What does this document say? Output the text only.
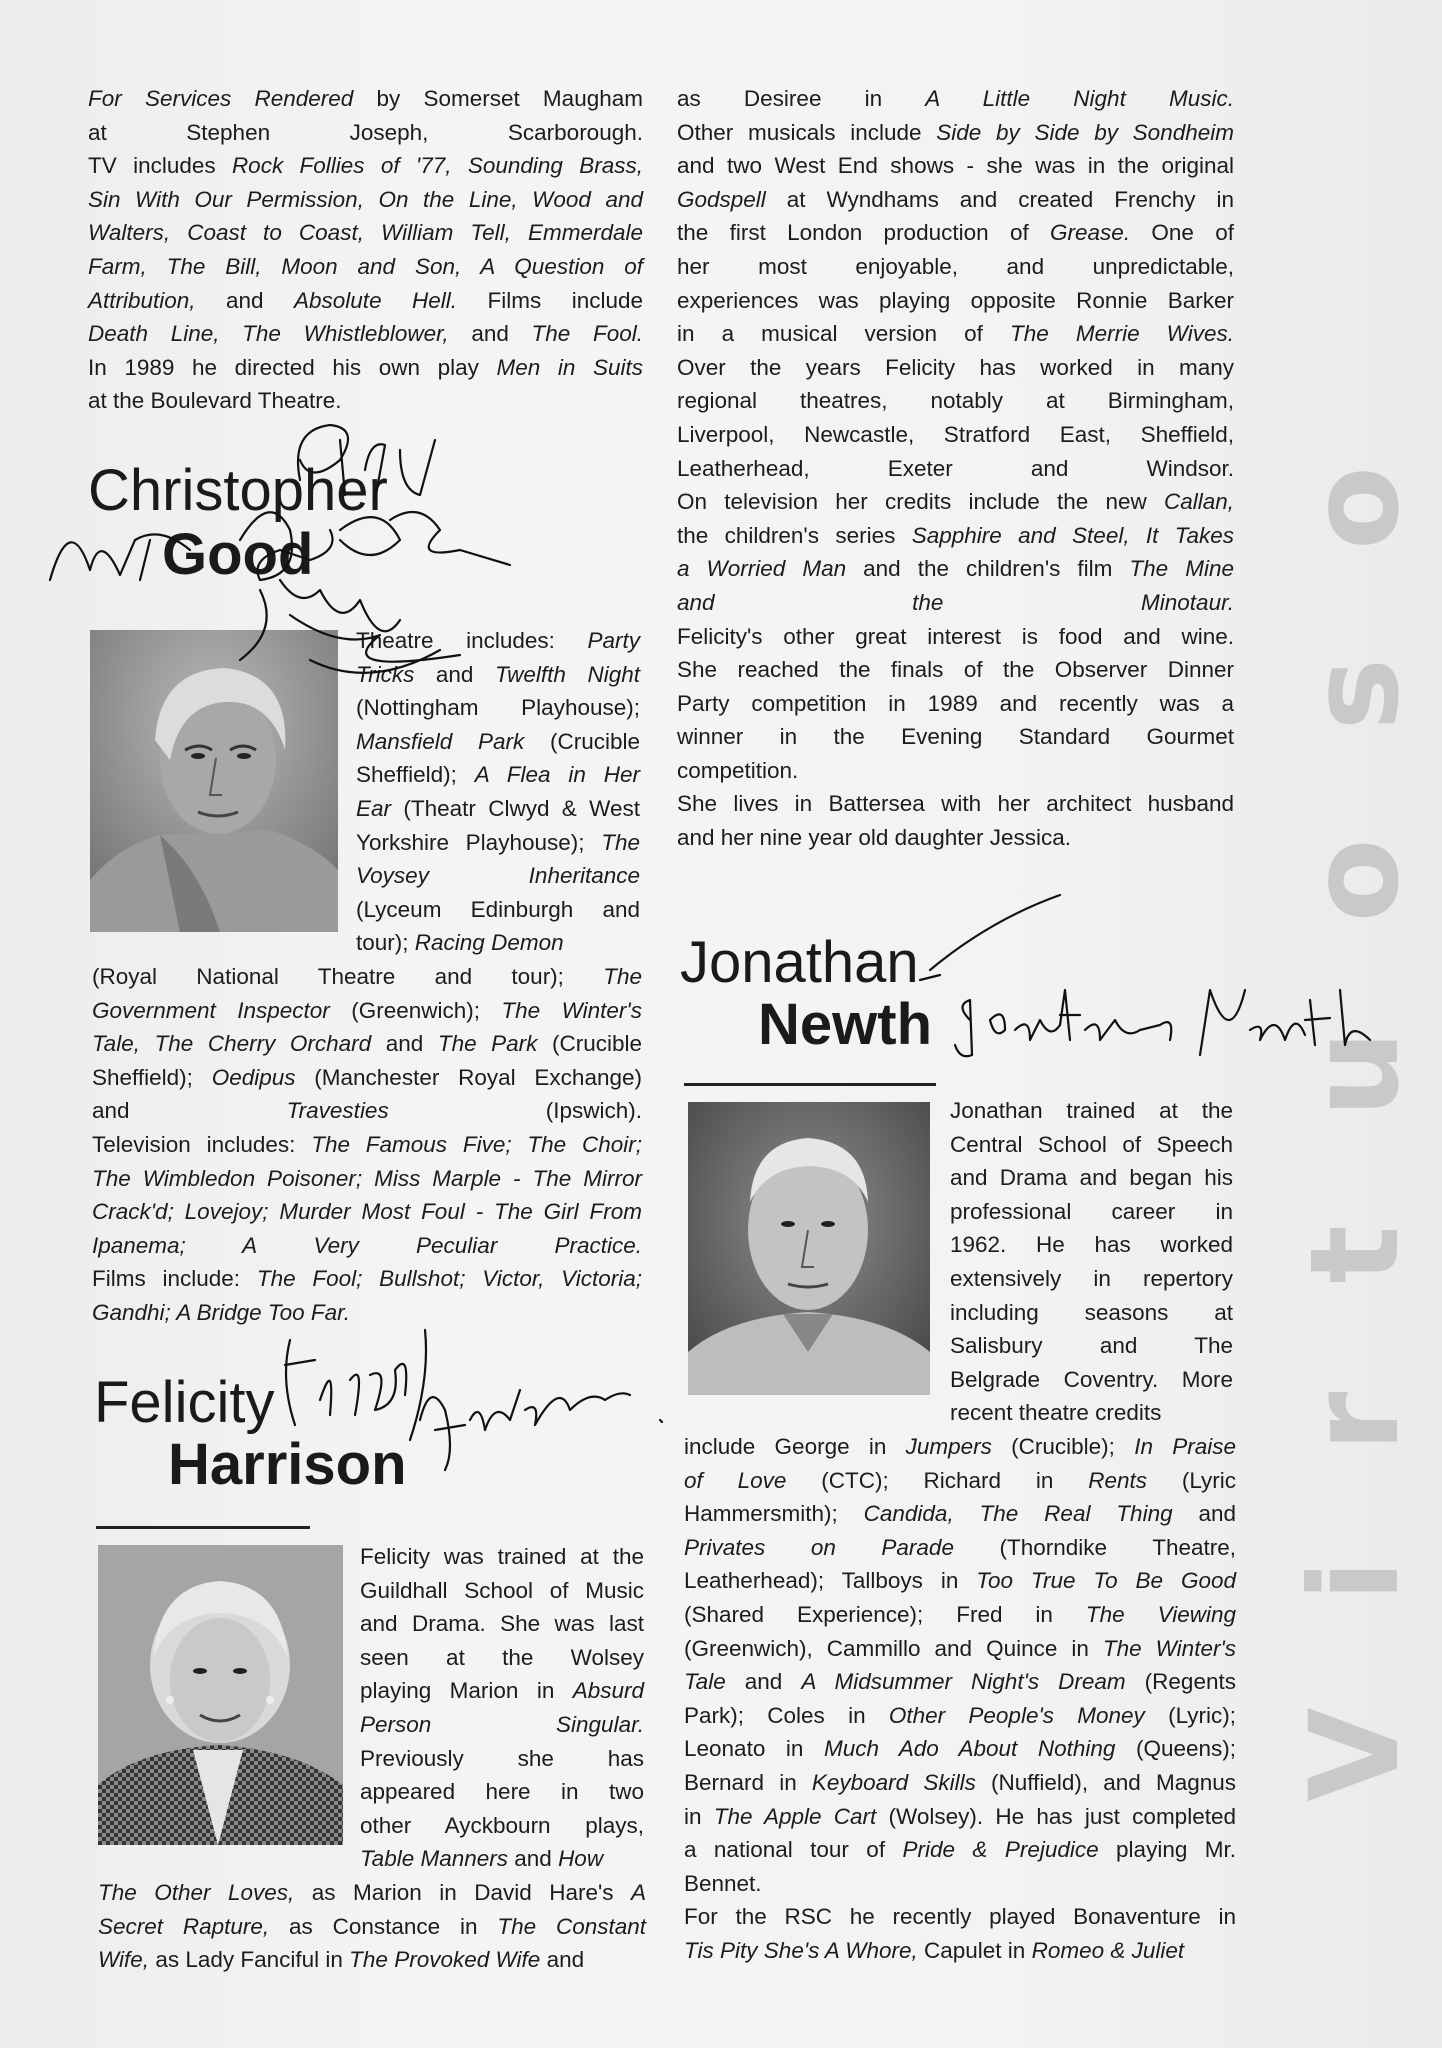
Virtuoso
For Services Rendered by Somerset Maugham
at Stephen Joseph, Scarborough.
TV includes Rock Follies of '77, Sounding Brass,
Sin With Our Permission, On the Line, Wood and
Walters, Coast to Coast, William Tell, Emmerdale
Farm, The Bill, Moon and Son, A Question of
Attribution, and Absolute Hell. Films include
Death Line, The Whistleblower, and The Fool.
In 1989 he directed his own play Men in Suits
at the Boulevard Theatre.
Christopher
Good
Theatre includes: Party
Tricks and Twelfth Night
(Nottingham Playhouse);
Mansfield Park (Crucible
Sheffield); A Flea in Her
Ear (Theatr Clwyd & West
Yorkshire Playhouse); The
Voysey    Inheritance
(Lyceum Edinburgh and
tour); Racing Demon
(Royal National Theatre and tour); The
Government Inspector (Greenwich); The Winter's
Tale, The Cherry Orchard and The Park (Crucible
Sheffield); Oedipus (Manchester Royal Exchange)
and Travesties (Ipswich).
Television includes: The Famous Five; The Choir;
The Wimbledon Poisoner; Miss Marple - The Mirror
Crack'd; Lovejoy; Murder Most Foul - The Girl From
Ipanema; A Very Peculiar Practice.
Films include: The Fool; Bullshot; Victor, Victoria;
Gandhi; A Bridge Too Far.
Felicity
Harrison
Felicity was trained at the
Guildhall School of Music
and Drama. She was last
seen at the Wolsey
playing Marion in Absurd
Person Singular.
Previously she has
appeared here in two
other Ayckbourn plays,
Table Manners and How
The Other Loves, as Marion in David Hare's A
Secret Rapture, as Constance in The Constant
Wife, as Lady Fanciful in The Provoked Wife and
as Desiree in A Little Night Music.
Other musicals include Side by Side by Sondheim
and two West End shows - she was in the original
Godspell at Wyndhams and created Frenchy in
the first London production of Grease. One of
her most enjoyable, and unpredictable,
experiences was playing opposite Ronnie Barker
in a musical version of The Merrie Wives.
Over the years Felicity has worked in many
regional theatres, notably at Birmingham,
Liverpool, Newcastle, Stratford East, Sheffield,
Leatherhead, Exeter and Windsor.
On television her credits include the new Callan,
the children's series Sapphire and Steel, It Takes
a Worried Man and the children's film The Mine
and the Minotaur.
Felicity's other great interest is food and wine.
She reached the finals of the Observer Dinner
Party competition in 1989 and recently was a
winner in the Evening Standard Gourmet
competition.
She lives in Battersea with her architect husband
and her nine year old daughter Jessica.
Jonathan
Newth
Jonathan trained at the
Central School of Speech
and Drama and began his
professional career in
1962. He has worked
extensively in repertory
including seasons at
Salisbury and The
Belgrade Coventry. More
recent theatre credits
include George in Jumpers (Crucible); In Praise
of Love (CTC); Richard in Rents (Lyric
Hammersmith); Candida, The Real Thing and
Privates on Parade (Thorndike Theatre,
Leatherhead); Tallboys in Too True To Be Good
(Shared Experience); Fred in The Viewing
(Greenwich), Cammillo and Quince in The Winter's
Tale and A Midsummer Night's Dream (Regents
Park); Coles in Other People's Money (Lyric);
Leonato in Much Ado About Nothing (Queens);
Bernard in Keyboard Skills (Nuffield), and Magnus
in The Apple Cart (Wolsey). He has just completed
a national tour of Pride & Prejudice playing Mr.
Bennet.
For the RSC he recently played Bonaventure in
Tis Pity She's A Whore, Capulet in Romeo & Juliet
